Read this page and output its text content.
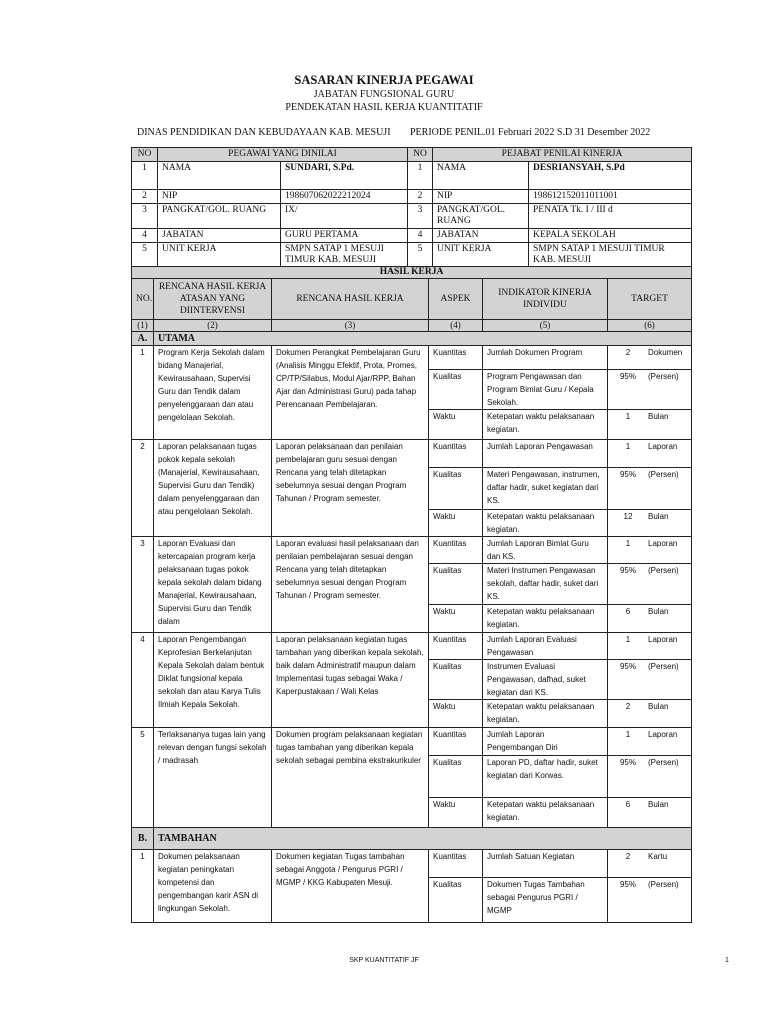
SASARAN KINERJA PEGAWAI
JABATAN FUNGSIONAL GURU
PENDEKATAN HASIL KERJA KUANTITATIF
DINAS PENDIDIKAN DAN KEBUDAYAAN KAB. MESUJI PERIODE PENIL.01 Februari 2022 S.D 31 Desember 2022
NO	PEGAWAI YANG DINILAI		NO	PEJABAT PENILAI KINERJA	
1	NAMA	SUNDARI, S.Pd.	1	NAMA	DESRIANSYAH, S.Pd
2	NIP	198607062022212024	2	NIP	198612152011011001
3	PANGKAT/GOL. RUANG	IX/	3	PANGKAT/GOL. RUANG	PENATA Tk. I / III d
4	JABATAN	GURU PERTAMA	4	JABATAN	KEPALA SEKOLAH
5	UNIT KERJA	SMPN SATAP 1 MESUJI TIMUR KAB. MESUJI	5	UNIT KERJA	SMPN SATAP 1 MESUJI TIMUR KAB. MESUJI
HASIL KERJA					
NO.	RENCANA HASIL KERJA ATASAN YANG DIINTERVENSI	RENCANA HASIL KERJA	ASPEK	INDIKATOR KINERJA INDIVIDU	TARGET
(1)	(2)	(3)	(4)	(5)	(6)
A.	UTAMA				
1	Program Kerja Sekolah dalam bidang Manajerial, Kewirausahaan, Supervisi Guru dan Tendik dalam penyelenggaraan dan atau pengelolaan Sekolah.	Dokumen Perangkat Pembelajaran Guru (Analisis Minggu Efektif, Prota, Promes, CP/TP/Silabus, Modul Ajar/RPP, Bahan Ajar dan Administrasi Guru) pada tahap Perencanaan Pembelajaran.	Kuantitas	Jumlah Dokumen Program	2 Dokumen

			Kualitas	Program Pengawasan dan Program Bimlat Guru / Kepala Sekolah.	95% (Persen)

			Waktu	Ketepatan waktu pelaksanaan kegiatan.	1 Bulan

2	Laporan pelaksanaan tugas pokok kepala sekolah (Manajerial, Kewirausahaan, Supervisi Guru dan Tendik) dalam penyelenggaraan dan atau pengelolaan Sekolah.	Laporan pelaksanaan dan penilaian pembelajaran guru sesuai dengan Rencana yang telah ditetapkan sebelumnya sesuai dengan Program Tahunan / Program semester.	Kuantitas	Jumlah Laporan Pengawasan	1 Laporan

			Kualitas	Materi Pengawasan, instrumen, daftar hadir, suket kegiatan dari KS.	95% (Persen)

			Waktu	Ketepatan waktu pelaksanaan kegiatan.	12 Bulan

3	Laporan Evaluasi dan ketercapaian program kerja pelaksanaan tugas pokok kepala sekolah dalam bidang Manajerial, Kewirausahaan, Supervisi Guru dan Tendik dalam	Laporan evaluasi hasil pelaksanaan dan penilaian pembelajaran sesuai dengan Rencana yang telah ditetapkan sebelumnya sesuai dengan Program Tahunan / Program semester.	Kuantitas	Jumlah Laporan Bimlat Guru dan KS.	1 Laporan

			Kualitas	Materi Instrumen Pengawasan sekolah, daftar hadir, suket dari KS.	95% (Persen)

			Waktu	Ketepatan waktu pelaksanaan kegiatan.	6 Bulan

4	Laporan Pengembangan Keprofesian Berkelanjutan Kepala Sekolah dalam bentuk Diklat fungsional kepala sekolah dan atau Karya Tulis Ilmiah Kepala Sekolah.	Laporan pelaksanaan kegiatan tugas tambahan yang diberikan kepala sekolah, baik dalam Administratif maupun dalam Implementasi tugas sebagai Waka / Kaperpustakaan / Wali Kelas	Kuantitas	Jumlah Laporan Evaluasi Pengawasan	1 Laporan

			Kualitas	Instrumen Evaluasi Pengawasan, dafhad, suket kegiatan dari KS.	95% (Persen)

			Waktu	Ketepatan waktu pelaksanaan kegiatan.	2 Bulan

5	Terlaksananya tugas lain yang relevan dengan fungsi sekolah / madrasah	Dokumen program pelaksanaan kegiatan tugas tambahan yang diberikan kepala sekolah sebagai pembina ekstrakurikuler	Kuantitas	Jumlah Laporan Pengembangan Diri	1 Laporan

			Kualitas	Laporan PD, daftar hadir, suket kegiatan dari Korwas.	95% (Persen)

			Waktu	Ketepatan waktu pelaksanaan kegiatan.	6 Bulan

B.	TAMBAHAN				
1	Dokumen pelaksanaan kegiatan peningkatan kompetensi dan pengembangan karir ASN di lingkungan Sekolah.	Dokumen kegiatan Tugas tambahan sebagai Anggota / Pengurus PGRI / MGMP / KKG Kabupaten Mesuji.	Kuantitas	Jumlah Satuan Kegiatan	2 Kartu

			Kualitas	Dokumen Tugas Tambahan sebagai Pengurus PGRI / MGMP	95% (Persen)
SKP KUANTITATIF JF	1
